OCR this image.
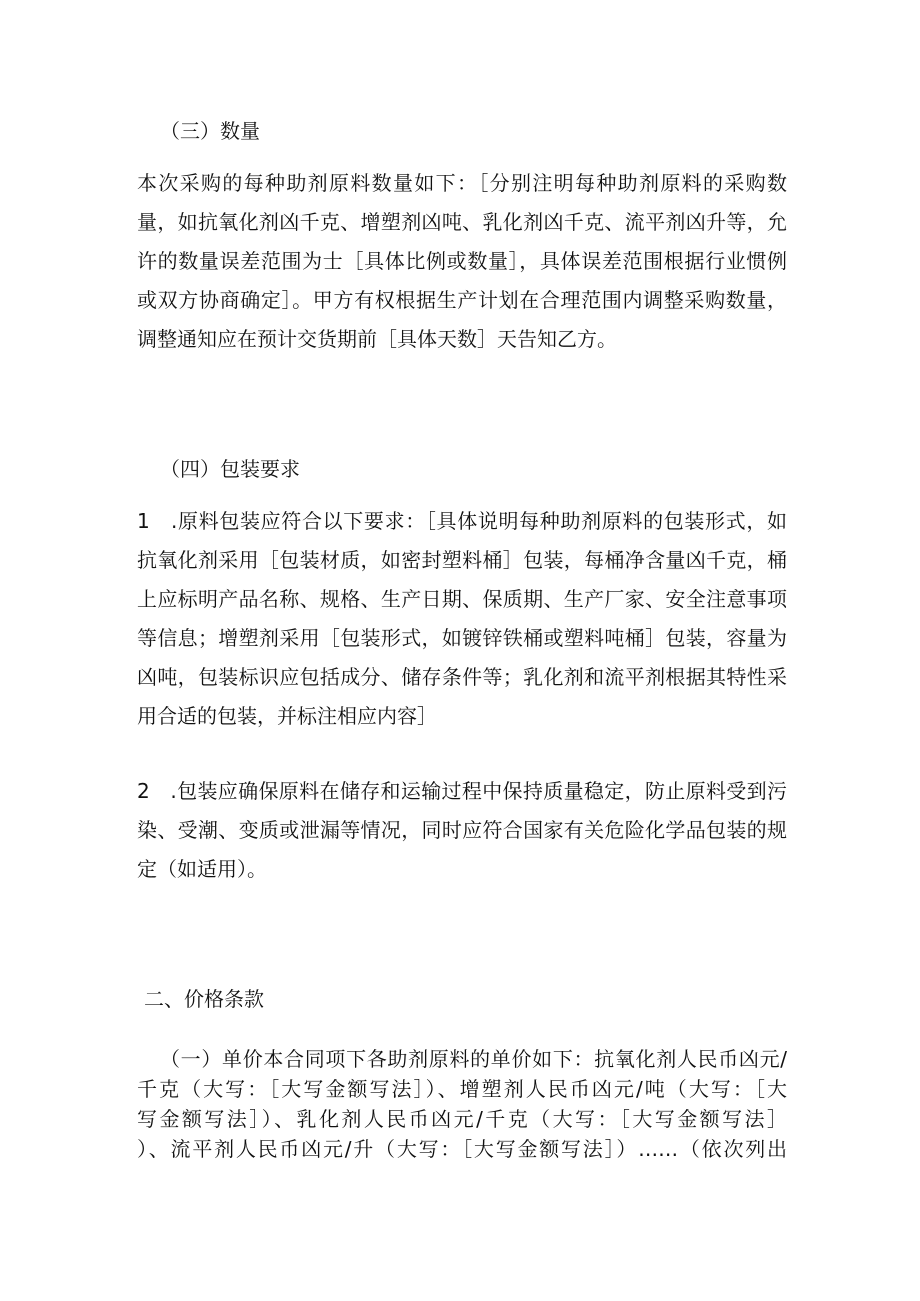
（三）数量
本次采购的每种助剂原料数量如下：［分别注明每种助剂原料的采购数
量，如抗氧化剂凶千克、增塑剂凶吨、乳化剂凶千克、流平剂凶升等，允
许的数量误差范围为士［具体比例或数量］，具体误差范围根据行业惯例
或双方协商确定］。甲方有权根据生产计划在合理范围内调整采购数量，
调整通知应在预计交货期前［具体天数］天告知乙方。
（四）包装要求
1　.原料包装应符合以下要求：［具体说明每种助剂原料的包装形式，如
抗氧化剂采用［包装材质，如密封塑料桶］包装，每桶净含量凶千克，桶
上应标明产品名称、规格、生产日期、保质期、生产厂家、安全注意事项
等信息；增塑剂采用［包装形式，如镀锌铁桶或塑料吨桶］包装，容量为
凶吨，包装标识应包括成分、储存条件等；乳化剂和流平剂根据其特性采
用合适的包装，并标注相应内容］
2　.包装应确保原料在储存和运输过程中保持质量稳定，防止原料受到污
染、受潮、变质或泄漏等情况，同时应符合国家有关危险化学品包装的规
定（如适用）。
二、价格条款
（一）单价本合同项下各助剂原料的单价如下：抗氧化剂人民币凶元/
千克（大写：［大写金额写法］）、增塑剂人民币凶元/吨（大写：［大
写金额写法］）、乳化剂人民币凶元/千克（大写：［大写金额写法］
）、流平剂人民币凶元/升（大写：［大写金额写法］）……（依次列出
